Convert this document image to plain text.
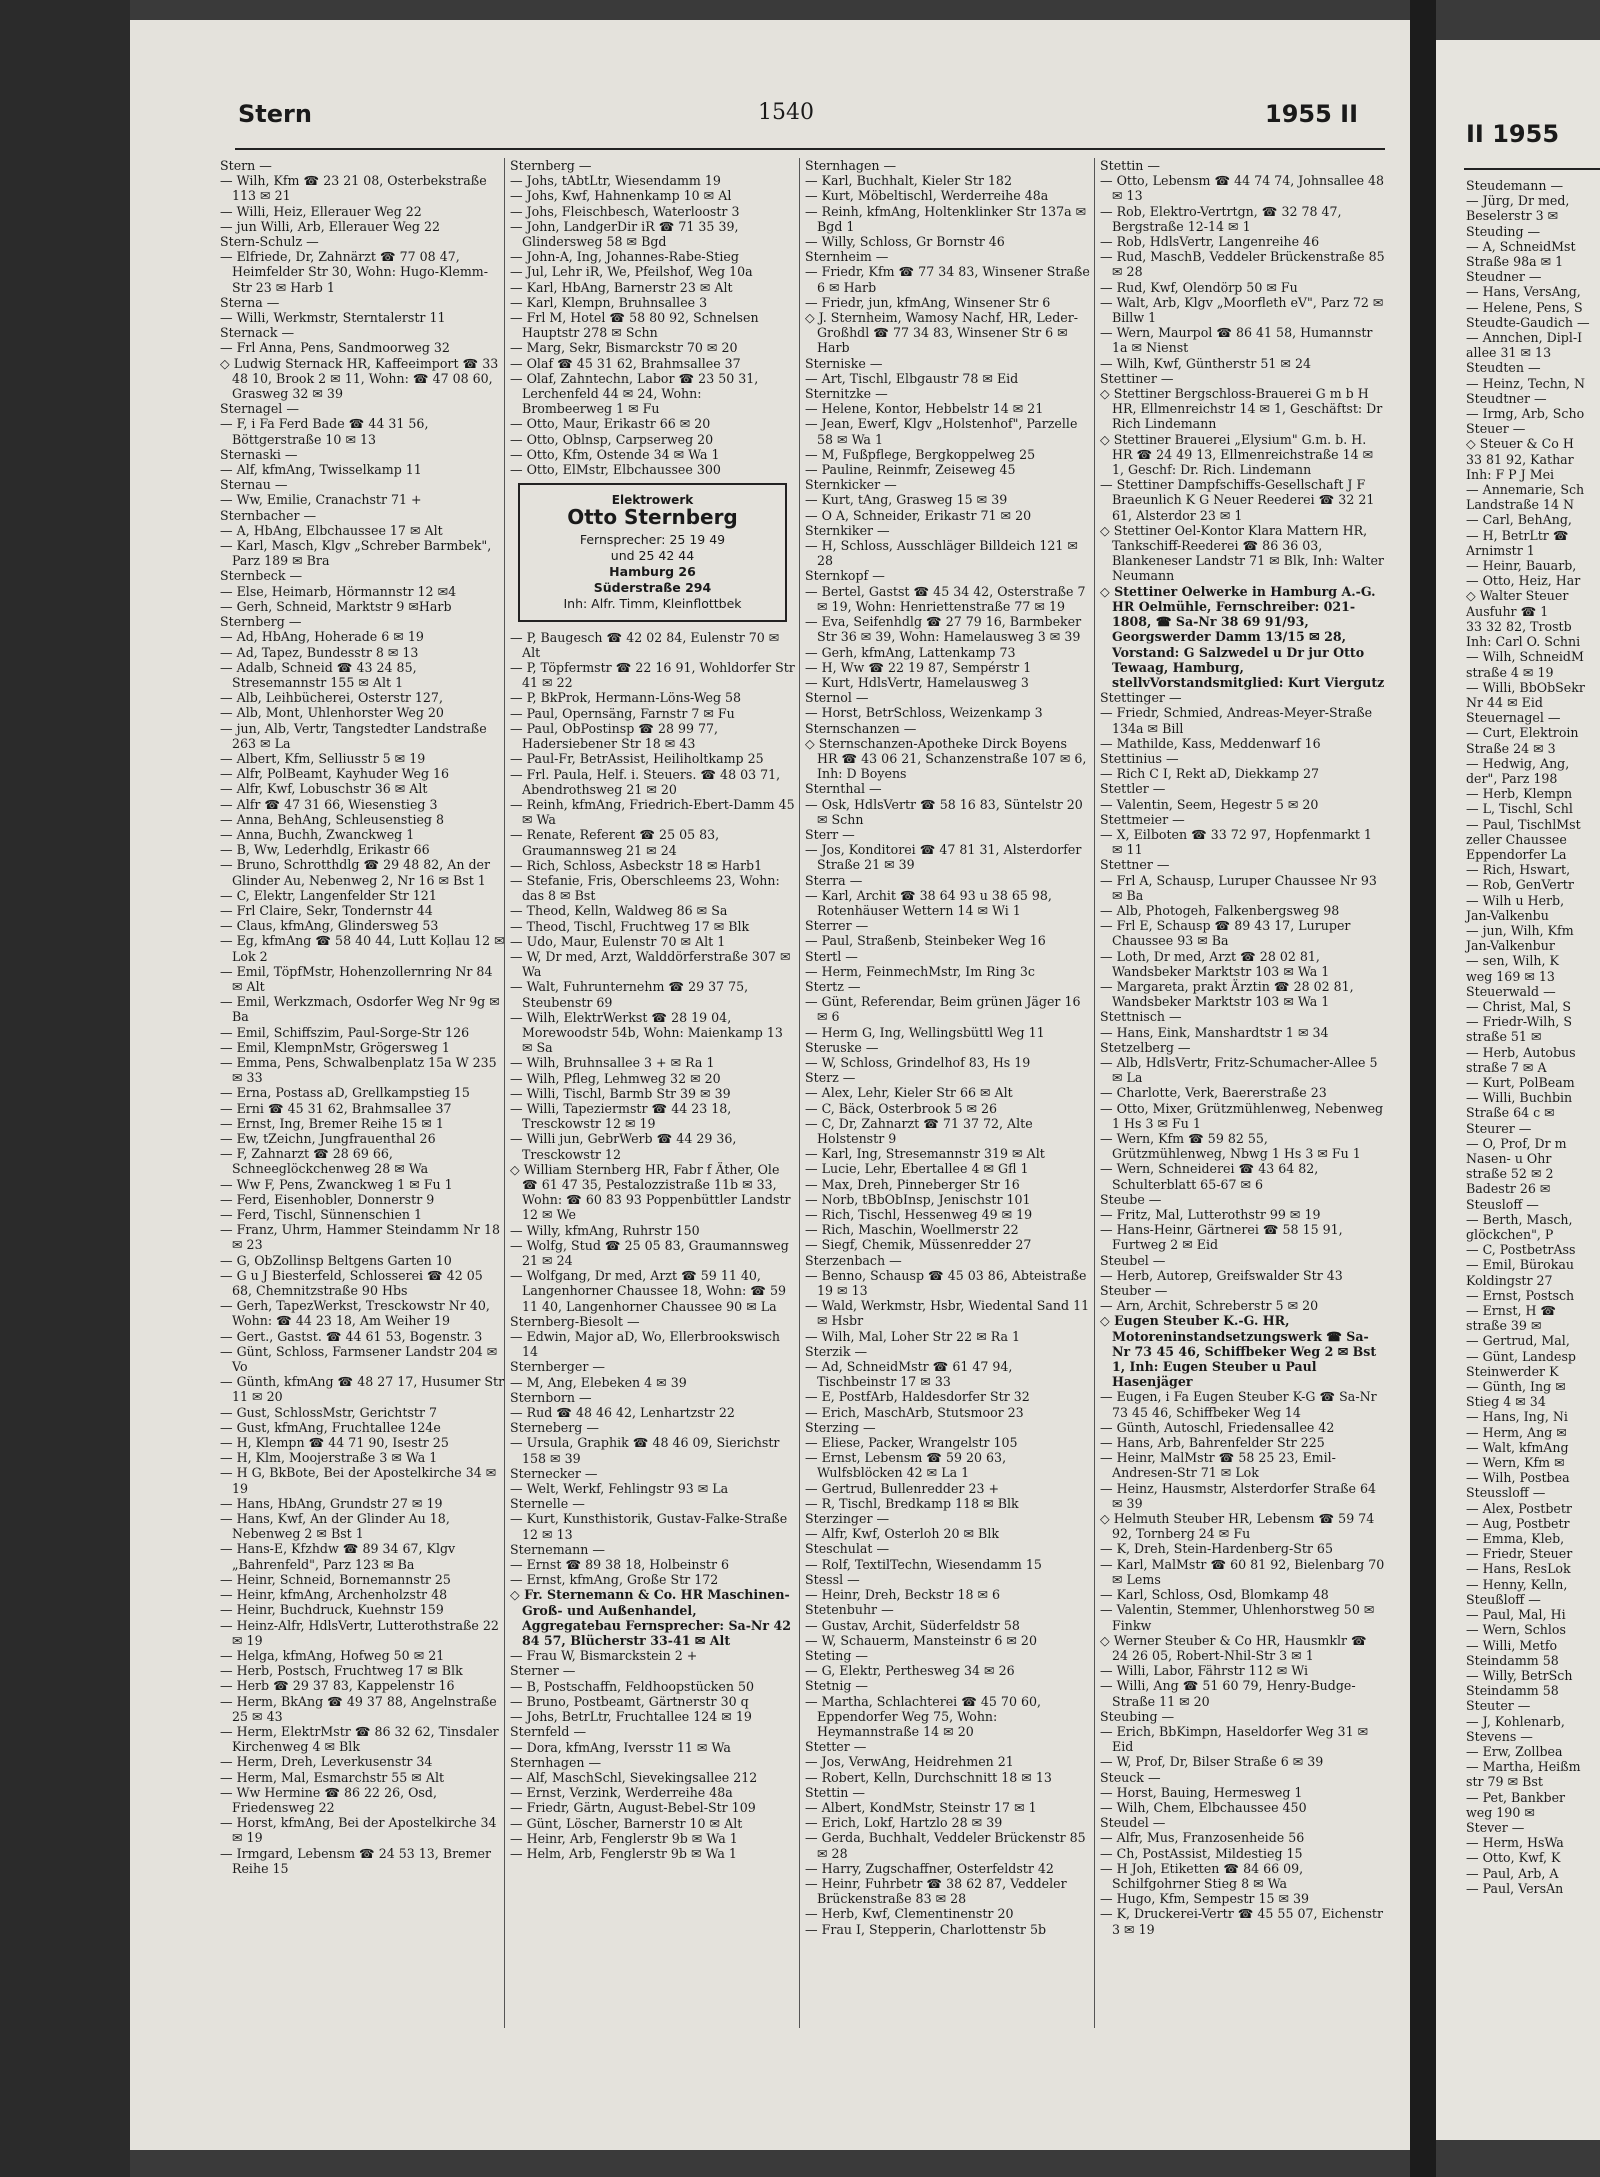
Stern	1540	1955 II

Stern —

— Wilh, Kfm ☎ 23 21 08, Osterbekstraße 113 ✉ 21

— Willi, Heiz, Ellerauer Weg 22

— jun Willi, Arb, Ellerauer Weg 22

Stern-Schulz —

— Elfriede, Dr, Zahnärzt ☎ 77 08 47, Heimfelder Str 30, Wohn: Hugo-Klemm-Str 23 ✉ Harb 1

Sterna —

— Willi, Werkmstr, Sterntalerstr 11

Sternack —

— Frl Anna, Pens, Sandmoorweg 32

◇ Ludwig Sternack HR, Kaffeeimport ☎ 33 48 10, Brook 2 ✉ 11, Wohn: ☎ 47 08 60, Grasweg 32 ✉ 39

Sternagel —

— F, i Fa Ferd Bade ☎ 44 31 56, Böttgerstraße 10 ✉ 13

Sternaski —

— Alf, kfmAng, Twisselkamp 11

Sternau —

— Ww, Emilie, Cranachstr 71 +

Sternbacher —

— A, HbAng, Elbchaussee 17 ✉ Alt

— Karl, Masch, Klgv „Schreber Barmbek", Parz 189 ✉ Bra

Sternbeck —

— Else, Heimarb, Hörmannstr 12 ✉4

— Gerh, Schneid, Marktstr 9 ✉Harb

Sternberg —

— Ad, HbAng, Hoherade 6 ✉ 19

— Ad, Tapez, Bundesstr 8 ✉ 13

— Adalb, Schneid ☎ 43 24 85, Stresemannstr 155 ✉ Alt 1

— Alb, Leihbücherei, Osterstr 127,

— Alb, Mont, Uhlenhorster Weg 20

— jun, Alb, Vertr, Tangstedter Landstraße 263 ✉ La

— Albert, Kfm, Selliusstr 5 ✉ 19

— Alfr, PolBeamt, Kayhuder Weg 16

— Alfr, Kwf, Lobuschstr 36 ✉ Alt

— Alfr ☎ 47 31 66, Wiesenstieg 3

— Anna, BehAng, Schleusenstieg 8

— Anna, Buchh, Zwanckweg 1

— B, Ww, Lederhdlg, Erikastr 66

— Bruno, Schrotthdlg ☎ 29 48 82, An der Glinder Au, Nebenweg 2, Nr 16 ✉ Bst 1

— C, Elektr, Langenfelder Str 121

— Frl Claire, Sekr, Tondernstr 44

— Claus, kfmAng, Glindersweg 53

— Eg, kfmAng ☎ 58 40 44, Lutt Koļlau 12 ✉ Lok 2

— Emil, TöpfMstr, Hohenzollernring Nr 84 ✉ Alt

— Emil, Werkzmach, Osdorfer Weg Nr 9g ✉ Ba

— Emil, Schiffszim, Paul-Sorge-Str 126

— Emil, KlempnMstr, Grögersweg 1

— Emma, Pens, Schwalbenplatz 15a W 235 ✉ 33

— Erna, Postass aD, Grellkampstieg 15

— Erni ☎ 45 31 62, Brahmsallee 37

— Ernst, Ing, Bremer Reihe 15 ✉ 1

— Ew, tZeichn, Jungfrauenthal 26

— F, Zahnarzt ☎ 28 69 66, Schneeglöckchenweg 28 ✉ Wa

— Ww F, Pens, Zwanckweg 1 ✉ Fu 1

— Ferd, Eisenhobler, Donnerstr 9

— Ferd, Tischl, Sünnenschien 1

— Franz, Uhrm, Hammer Steindamm Nr 18 ✉ 23

— G, ObZollinsp Beltgens Garten 10

— G u J Biesterfeld, Schlosserei ☎ 42 05 68, Chemnitzstraße 90 Hbs

— Gerh, TapezWerkst, Tresckowstr Nr 40, Wohn: ☎ 44 23 18, Am Weiher 19

— Gert., Gastst. ☎ 44 61 53, Bogenstr. 3

— Günt, Schloss, Farmsener Landstr 204 ✉ Vo

— Günth, kfmAng ☎ 48 27 17, Husumer Str 11 ✉ 20

— Gust, SchlossMstr, Gerichtstr 7

— Gust, kfmAng, Fruchtallee 124e

— H, Klempn ☎ 44 71 90, Isestr 25

— H, Klm, Moojerstraße 3 ✉ Wa 1

— H G, BkBote, Bei der Apostelkirche 34 ✉ 19

— Hans, HbAng, Grundstr 27 ✉ 19

— Hans, Kwf, An der Glinder Au 18, Nebenweg 2 ✉ Bst 1

— Hans-E, Kfzhdw ☎ 89 34 67, Klgv „Bahrenfeld", Parz 123 ✉ Ba

— Heinr, Schneid, Bornemannstr 25

— Heinr, kfmAng, Archenholzstr 48

— Heinr, Buchdruck, Kuehnstr 159

— Heinz-Alfr, HdlsVertr, Lutterothstraße 22 ✉ 19

— Helga, kfmAng, Hofweg 50 ✉ 21

— Herb, Postsch, Fruchtweg 17 ✉ Blk

— Herb ☎ 29 37 83, Kappelenstr 16

— Herm, BkAng ☎ 49 37 88, Angelnstraße 25 ✉ 43

— Herm, ElektrMstr ☎ 86 32 62, Tinsdaler Kirchenweg 4 ✉ Blk

— Herm, Dreh, Leverkusenstr 34

— Herm, Mal, Esmarchstr 55 ✉ Alt

— Ww Hermine ☎ 86 22 26, Osd, Friedensweg 22

— Horst, kfmAng, Bei der Apostelkirche 34 ✉ 19

— Irmgard, Lebensm ☎ 24 53 13, Bremer Reihe 15

Sternberg —

— Johs, tAbtLtr, Wiesendamm 19

— Johs, Kwf, Hahnenkamp 10 ✉ Al

— Johs, Fleischbesch, Waterloostr 3

— John, LandgerDir iR ☎ 71 35 39, Glindersweg 58 ✉ Bgd

— John-A, Ing, Johannes-Rabe-Stieg

— Jul, Lehr iR, We, Pfeilshof, Weg 10a

— Karl, HbAng, Barnerstr 23 ✉ Alt

— Karl, Klempn, Bruhnsallee 3

— Frl M, Hotel ☎ 58 80 92, Schnelsen Hauptstr 278 ✉ Schn

— Marg, Sekr, Bismarckstr 70 ✉ 20

— Olaf ☎ 45 31 62, Brahmsallee 37

— Olaf, Zahntechn, Labor ☎ 23 50 31, Lerchenfeld 44 ✉ 24, Wohn: Brombeerweg 1 ✉ Fu

— Otto, Maur, Erikastr 66 ✉ 20

— Otto, Oblnsp, Carpserweg 20

— Otto, Kfm, Ostende 34 ✉ Wa 1

— Otto, ElMstr, Elbchaussee 300

Elektrowerk
Otto Sternberg
Fernsprecher: 25 19 49
und 25 42 44
Hamburg 26
Süderstraße 294
Inh: Alfr. Timm, Kleinflottbek

— P, Baugesch ☎ 42 02 84, Eulenstr 70 ✉ Alt

— P, Töpfermstr ☎ 22 16 91, Wohldorfer Str 41 ✉ 22

— P, BkProk, Hermann-Löns-Weg 58

— Paul, Opernsäng, Farnstr 7 ✉ Fu

— Paul, ObPostinsp ☎ 28 99 77, Hadersiebener Str 18 ✉ 43

— Paul-Fr, BetrAssist, Heiliholtkamp 25

— Frl. Paula, Helf. i. Steuers. ☎ 48 03 71, Abendrothsweg 21 ✉ 20

— Reinh, kfmAng, Friedrich-Ebert-Damm 45 ✉ Wa

— Renate, Referent ☎ 25 05 83, Graumannsweg 21 ✉ 24

— Rich, Schloss, Asbeckstr 18 ✉ Harb1

— Stefanie, Fris, Oberschleems 23, Wohn: das 8 ✉ Bst

— Theod, Kelln, Waldweg 86 ✉ Sa

— Theod, Tischl, Fruchtweg 17 ✉ Blk

— Udo, Maur, Eulenstr 70 ✉ Alt 1

— W, Dr med, Arzt, Walddörferstraße 307 ✉ Wa

— Walt, Fuhrunternehm ☎ 29 37 75, Steubenstr 69

— Wilh, ElektrWerkst ☎ 28 19 04, Morewoodstr 54b, Wohn: Maienkamp 13 ✉ Sa

— Wilh, Bruhnsallee 3 + ✉ Ra 1

— Wilh, Pfleg, Lehmweg 32 ✉ 20

— Willi, Tischl, Barmb Str 39 ✉ 39

— Willi, Tapeziermstr ☎ 44 23 18, Tresckowstr 12 ✉ 19

— Willi jun, GebrWerb ☎ 44 29 36, Tresckowstr 12

◇ William Sternberg HR, Fabr f Äther, Ole ☎ 61 47 35, Pestalozzistraße 11b ✉ 33, Wohn: ☎ 60 83 93 Poppenbüttler Landstr 12 ✉ We

— Willy, kfmAng, Ruhrstr 150

— Wolfg, Stud ☎ 25 05 83, Graumannsweg 21 ✉ 24

— Wolfgang, Dr med, Arzt ☎ 59 11 40, Langenhorner Chaussee 18, Wohn: ☎ 59 11 40, Langenhorner Chaussee 90 ✉ La

Sternberg-Biesolt —

— Edwin, Major aD, Wo, Ellerbrookswisch 14

Sternberger —

— M, Ang, Elebeken 4 ✉ 39

Sternborn —

— Rud ☎ 48 46 42, Lenhartzstr 22

Sterneberg —

— Ursula, Graphik ☎ 48 46 09, Sierichstr 158 ✉ 39

Sternecker —

— Welt, Werkf, Fehlingstr 93 ✉ La

Sternelle —

— Kurt, Kunsthistorik, Gustav-Falke-Straße 12 ✉ 13

Sternemann —

— Ernst ☎ 89 38 18, Holbeinstr 6

— Ernst, kfmAng, Große Str 172

◇ Fr. Sternemann & Co. HR Maschinen-Groß- und Außenhandel, Aggregatebau Fernsprecher: Sa-Nr 42 84 57, Blücherstr 33-41 ✉ Alt

— Frau W, Bismarckstein 2 +

Sterner —

— B, Postschaffn, Feldhoopstücken 50

— Bruno, Postbeamt, Gärtnerstr 30 q

— Johs, BetrLtr, Fruchtallee 124 ✉ 19

Sternfeld —

— Dora, kfmAng, Iversstr 11 ✉ Wa

Sternhagen —

— Alf, MaschSchl, Sievekingsallee 212

— Ernst, Verzink, Werderreihe 48a

— Friedr, Gärtn, August-Bebel-Str 109

— Günt, Löscher, Barnerstr 10 ✉ Alt

— Heinr, Arb, Fenglerstr 9b ✉ Wa 1

— Helm, Arb, Fenglerstr 9b ✉ Wa 1

Sternhagen —

— Karl, Buchhalt, Kieler Str 182

— Kurt, Möbeltischl, Werderreihe 48a

— Reinh, kfmAng, Holtenklinker Str 137a ✉ Bgd 1

— Willy, Schloss, Gr Bornstr 46

Sternheim —

— Friedr, Kfm ☎ 77 34 83, Winsener Straße 6 ✉ Harb

— Friedr, jun, kfmAng, Winsener Str 6

◇ J. Sternheim, Wamosy Nachf, HR, Leder-Großhdl ☎ 77 34 83, Winsener Str 6 ✉ Harb

Sterniske —

— Art, Tischl, Elbgaustr 78 ✉ Eid

Sternitzke —

— Helene, Kontor, Hebbelstr 14 ✉ 21

— Jean, Ewerf, Klgv „Holstenhof", Parzelle 58 ✉ Wa 1

— M, Fußpflege, Bergkoppelweg 25

— Pauline, Reinmfr, Zeiseweg 45

Sternkicker —

— Kurt, tAng, Grasweg 15 ✉ 39

— O A, Schneider, Erikastr 71 ✉ 20

Sternkiker —

— H, Schloss, Ausschläger Billdeich 121 ✉ 28

Sternkopf —

— Bertel, Gastst ☎ 45 34 42, Osterstraße 7 ✉ 19, Wohn: Henriettenstraße 77 ✉ 19

— Eva, Seifenhdlg ☎ 27 79 16, Barmbeker Str 36 ✉ 39, Wohn: Hamelausweg 3 ✉ 39

— Gerh, kfmAng, Lattenkamp 73

— H, Ww ☎ 22 19 87, Sempérstr 1

— Kurt, HdlsVertr, Hamelausweg 3

Sternol —

— Horst, BetrSchloss, Weizenkamp 3

Sternschanzen —

◇ Sternschanzen-Apotheke Dirck Boyens HR ☎ 43 06 21, Schanzenstraße 107 ✉ 6, Inh: D Boyens

Sternthal —

— Osk, HdlsVertr ☎ 58 16 83, Süntelstr 20 ✉ Schn

Sterr —

— Jos, Konditorei ☎ 47 81 31, Alsterdorfer Straße 21 ✉ 39

Sterra —

— Karl, Archit ☎ 38 64 93 u 38 65 98, Rotenhäuser Wettern 14 ✉ Wi 1

Sterrer —

— Paul, Straßenb, Steinbeker Weg 16

Stertl —

— Herm, FeinmechMstr, Im Ring 3c

Stertz —

— Günt, Referendar, Beim grünen Jäger 16 ✉ 6

— Herm G, Ing, Wellingsbüttl Weg 11

Steruske —

— W, Schloss, Grindelhof 83, Hs 19

Sterz —

— Alex, Lehr, Kieler Str 66 ✉ Alt

— C, Bäck, Osterbrook 5 ✉ 26

— C, Dr, Zahnarzt ☎ 71 37 72, Alte Holstenstr 9

— Karl, Ing, Stresemannstr 319 ✉ Alt

— Lucie, Lehr, Ebertallee 4 ✉ Gfl 1

— Max, Dreh, Pinneberger Str 16

— Norb, tBbObInsp, Jenischstr 101

— Rich, Tischl, Hessenweg 49 ✉ 19

— Rich, Maschin, Woellmerstr 22

— Siegf, Chemik, Müssenredder 27

Sterzenbach —

— Benno, Schausp ☎ 45 03 86, Abteistraße 19 ✉ 13

— Wald, Werkmstr, Hsbr, Wiedental Sand 11 ✉ Hsbr

— Wilh, Mal, Loher Str 22 ✉ Ra 1

Sterzik —

— Ad, SchneidMstr ☎ 61 47 94, Tischbeinstr 17 ✉ 33

— E, PostfArb, Haldesdorfer Str 32

— Erich, MaschArb, Stutsmoor 23

Sterzing —

— Eliese, Packer, Wrangelstr 105

— Ernst, Lebensm ☎ 59 20 63, Wulfsblöcken 42 ✉ La 1

— Gertrud, Bullenredder 23 +

— R, Tischl, Bredkamp 118 ✉ Blk

Sterzinger —

— Alfr, Kwf, Osterloh 20 ✉ Blk

Steschulat —

— Rolf, TextilTechn, Wiesendamm 15

Stessl —

— Heinr, Dreh, Beckstr 18 ✉ 6

Stetenbuhr —

— Gustav, Archit, Süderfeldstr 58

— W, Schauerm, Mansteinstr 6 ✉ 20

Steting —

— G, Elektr, Perthesweg 34 ✉ 26

Stetnig —

— Martha, Schlachterei ☎ 45 70 60, Eppendorfer Weg 75, Wohn: Heymannstraße 14 ✉ 20

Stetter —

— Jos, VerwAng, Heidrehmen 21

— Robert, Kelln, Durchschnitt 18 ✉ 13

Stettin —

— Albert, KondMstr, Steinstr 17 ✉ 1

— Erich, Lokf, Hartzlo 28 ✉ 39

— Gerda, Buchhalt, Veddeler Brückenstr 85 ✉ 28

— Harry, Zugschaffner, Osterfeldstr 42

— Heinr, Fuhrbetr ☎ 38 62 87, Veddeler Brückenstraße 83 ✉ 28

— Herb, Kwf, Clementinenstr 20

— Frau I, Stepperin, Charlottenstr 5b

Stettin —

— Otto, Lebensm ☎ 44 74 74, Johnsallee 48 ✉ 13

— Rob, Elektro-Vertrtgn, ☎ 32 78 47, Bergstraße 12-14 ✉ 1

— Rob, HdlsVertr, Langenreihe 46

— Rud, MaschB, Veddeler Brückenstraße 85 ✉ 28

— Rud, Kwf, Olendörp 50 ✉ Fu

— Walt, Arb, Klgv „Moorfleth eV", Parz 72 ✉ Billw 1

— Wern, Maurpol ☎ 86 41 58, Humannstr 1a ✉ Nienst

— Wilh, Kwf, Güntherstr 51 ✉ 24

Stettiner —

◇ Stettiner Bergschloss-Brauerei G m b H HR, Ellmenreichstr 14 ✉ 1, Geschäftst: Dr Rich Lindemann

◇ Stettiner Brauerei „Elysium" G.m. b. H. HR ☎ 24 49 13, Ellmenreichstraße 14 ✉ 1, Geschf: Dr. Rich. Lindemann

— Stettiner Dampfschiffs-Gesellschaft J F Braeunlich K G Neuer Reederei ☎ 32 21 61, Alsterdor 23 ✉ 1

◇ Stettiner Oel-Kontor Klara Mattern HR, Tankschiff-Reederei ☎ 86 36 03, Blankeneser Landstr 71 ✉ Blk, Inh: Walter Neumann

◇ Stettiner Oelwerke in Hamburg A.-G. HR Oelmühle, Fernschreiber: 021-1808, ☎ Sa-Nr 38 69 91/93, Georgswerder Damm 13/15 ✉ 28, Vorstand: G Salzwedel u Dr jur Otto Tewaag, Hamburg, stellvVorstandsmitglied: Kurt Viergutz

Stettinger —

— Friedr, Schmied, Andreas-Meyer-Straße 134a ✉ Bill

— Mathilde, Kass, Meddenwarf 16

Stettinius —

— Rich C I, Rekt aD, Diekkamp 27

Stettler —

— Valentin, Seem, Hegestr 5 ✉ 20

Stettmeier —

— X, Eilboten ☎ 33 72 97, Hopfenmarkt 1 ✉ 11

Stettner —

— Frl A, Schausp, Luruper Chaussee Nr 93 ✉ Ba

— Alb, Photogeh, Falkenbergsweg 98

— Frl E, Schausp ☎ 89 43 17, Luruper Chaussee 93 ✉ Ba

— Loth, Dr med, Arzt ☎ 28 02 81, Wandsbeker Marktstr 103 ✉ Wa 1

— Margareta, prakt Ärztin ☎ 28 02 81, Wandsbeker Marktstr 103 ✉ Wa 1

Stettnisch —

— Hans, Eink, Manshardtstr 1 ✉ 34

Stetzelberg —

— Alb, HdlsVertr, Fritz-Schumacher-Allee 5 ✉ La

— Charlotte, Verk, Baererstraße 23

— Otto, Mixer, Grützmühlenweg, Nebenweg 1 Hs 3 ✉ Fu 1

— Wern, Kfm ☎ 59 82 55, Grützmühlenweg, Nbwg 1 Hs 3 ✉ Fu 1

— Wern, Schneiderei ☎ 43 64 82, Schulterblatt 65-67 ✉ 6

Steube —

— Fritz, Mal, Lutterothstr 99 ✉ 19

— Hans-Heinr, Gärtnerei ☎ 58 15 91, Furtweg 2 ✉ Eid

Steubel —

— Herb, Autorep, Greifswalder Str 43

Steuber —

— Arn, Archit, Schreberstr 5 ✉ 20

◇ Eugen Steuber K.-G. HR, Motoreninstandsetzungswerk ☎ Sa-Nr 73 45 46, Schiffbeker Weg 2 ✉ Bst 1, Inh: Eugen Steuber u Paul Hasenjäger

— Eugen, i Fa Eugen Steuber K-G ☎ Sa-Nr 73 45 46, Schiffbeker Weg 14

— Günth, Autoschl, Friedensallee 42

— Hans, Arb, Bahrenfelder Str 225

— Heinr, MalMstr ☎ 58 25 23, Emil-Andresen-Str 71 ✉ Lok

— Heinz, Hausmstr, Alsterdorfer Straße 64 ✉ 39

◇ Helmuth Steuber HR, Lebensm ☎ 59 74 92, Tornberg 24 ✉ Fu

— K, Dreh, Stein-Hardenberg-Str 65

— Karl, MalMstr ☎ 60 81 92, Bielenbarg 70 ✉ Lems

— Karl, Schloss, Osd, Blomkamp 48

— Valentin, Stemmer, Uhlenhorstweg 50 ✉ Finkw

◇ Werner Steuber & Co HR, Hausmklr ☎ 24 26 05, Robert-Nhil-Str 3 ✉ 1

— Willi, Labor, Fährstr 112 ✉ Wi

— Willi, Ang ☎ 51 60 79, Henry-Budge-Straße 11 ✉ 20

Steubing —

— Erich, BbKimpn, Haseldorfer Weg 31 ✉ Eid

— W, Prof, Dr, Bilser Straße 6 ✉ 39

Steuck —

— Horst, Bauing, Hermesweg 1

— Wilh, Chem, Elbchaussee 450

Steudel —

— Alfr, Mus, Franzosenheide 56

— Ch, PostAssist, Mildestieg 15

— H Joh, Etiketten ☎ 84 66 09, Schilfgohrner Stieg 8 ✉ Wa

— Hugo, Kfm, Sempestr 15 ✉ 39

— K, Druckerei-Vertr ☎ 45 55 07, Eichenstr 3 ✉ 19

II 1955

Steudemann —

— Jürg, Dr med,

Beselerstr 3 ✉

Steuding —

— A, SchneidMst

Straße 98a ✉ 1

Steudner —

— Hans, VersAng,

— Helene, Pens, S

Steudte-Gaudich —

— Annchen, Dipl-I

allee 31 ✉ 13

Steudten —

— Heinz, Techn, N

Steudtner —

— Irmg, Arb, Scho

Steuer —

◇ Steuer & Co H

33 81 92, Kathar

Inh: F P J Mei

— Annemarie, Sch

Landstraße 14 N

— Carl, BehAng,

— H, BetrLtr ☎

Arnimstr 1

— Heinr, Bauarb,

— Otto, Heiz, Har

◇ Walter Steuer

Ausfuhr ☎ 1

33 32 82, Trostb

Inh: Carl O. Schni

— Wilh, SchneidM

straße 4 ✉ 19

— Willi, BbObSekr

Nr 44 ✉ Eid

Steuernagel —

— Curt, Elektroin

Straße 24 ✉ 3

— Hedwig, Ang,

der", Parz 198

— Herb, Klempn

— L, Tischl, Schl

— Paul, TischlMst

zeller Chaussee

Eppendorfer La

— Rich, Hswart,

— Rob, GenVertr

— Wilh u Herb,

Jan-Valkenbu

— jun, Wilh, Kfm

Jan-Valkenbur

— sen, Wilh, K

weg 169 ✉ 13

Steuerwald —

— Christ, Mal, S

— Friedr-Wilh, S

straße 51 ✉

— Herb, Autobus

straße 7 ✉ A

— Kurt, PolBeam

— Willi, Buchbin

Straße 64 c ✉

Steurer —

— O, Prof, Dr m

Nasen- u Ohr

straße 52 ✉ 2

Badestr 26 ✉

Steusloff —

— Berth, Masch,

glöckchen", P

— C, PostbetrAss

— Emil, Bürokau

Koldingstr 27

— Ernst, Postsch

— Ernst, H ☎

straße 39 ✉

— Gertrud, Mal,

— Günt, Landesp

Steinwerder K

— Günth, Ing ✉

Stieg 4 ✉ 34

— Hans, Ing, Ni

— Herm, Ang ✉

— Walt, kfmAng

— Wern, Kfm ✉

— Wilh, Postbea

Steussloff —

— Alex, Postbetr

— Aug, Postbetr

— Emma, Kleb,

— Friedr, Steuer

— Hans, ResLok

— Henny, Kelln,

Steußloff —

— Paul, Mal, Hi

— Wern, Schlos

— Willi, Metfo

Steindamm 58

— Willy, BetrSch

Steindamm 58

Steuter —

— J, Kohlenarb,

Stevens —

— Erw, Zollbea

— Martha, Heißm

str 79 ✉ Bst

— Pet, Bankber

weg 190 ✉

Stever —

— Herm, HsWa

— Otto, Kwf, K

— Paul, Arb, A

— Paul, VersAn
